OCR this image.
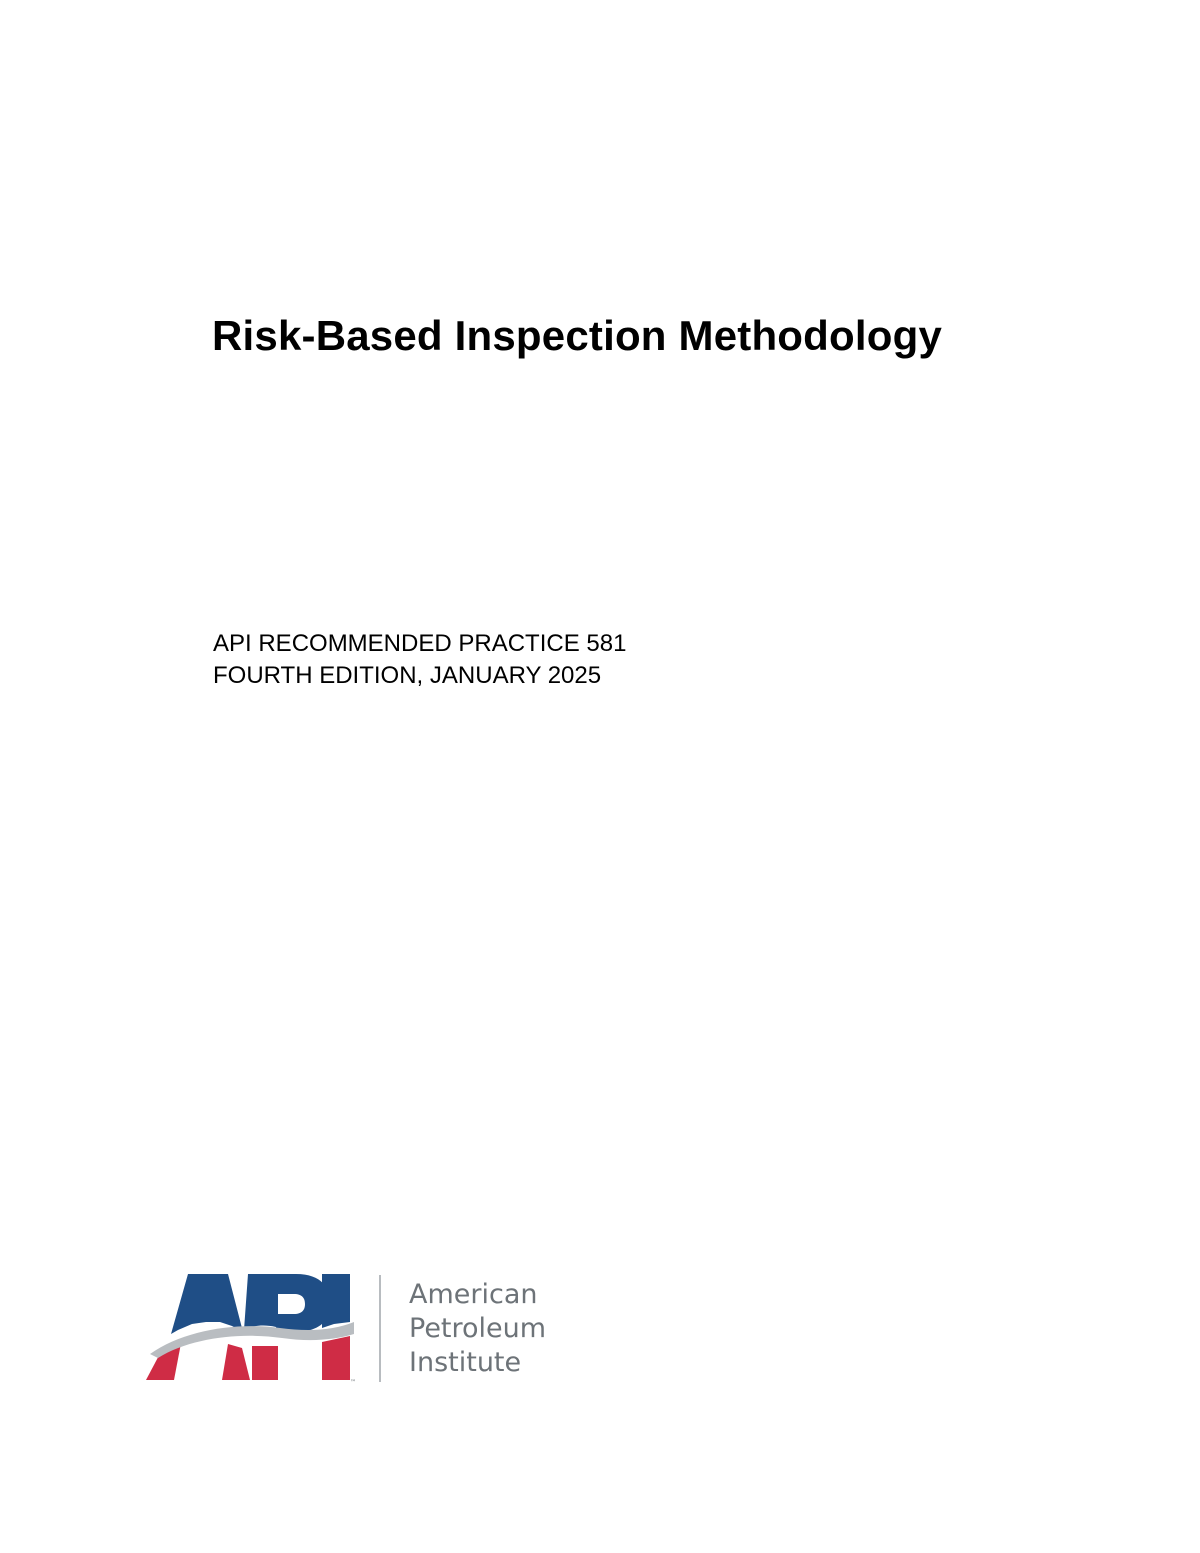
Risk-Based Inspection Methodology
API RECOMMENDED PRACTICE 581
FOURTH EDITION, JANUARY 2025
™
American
Petroleum
Institute
